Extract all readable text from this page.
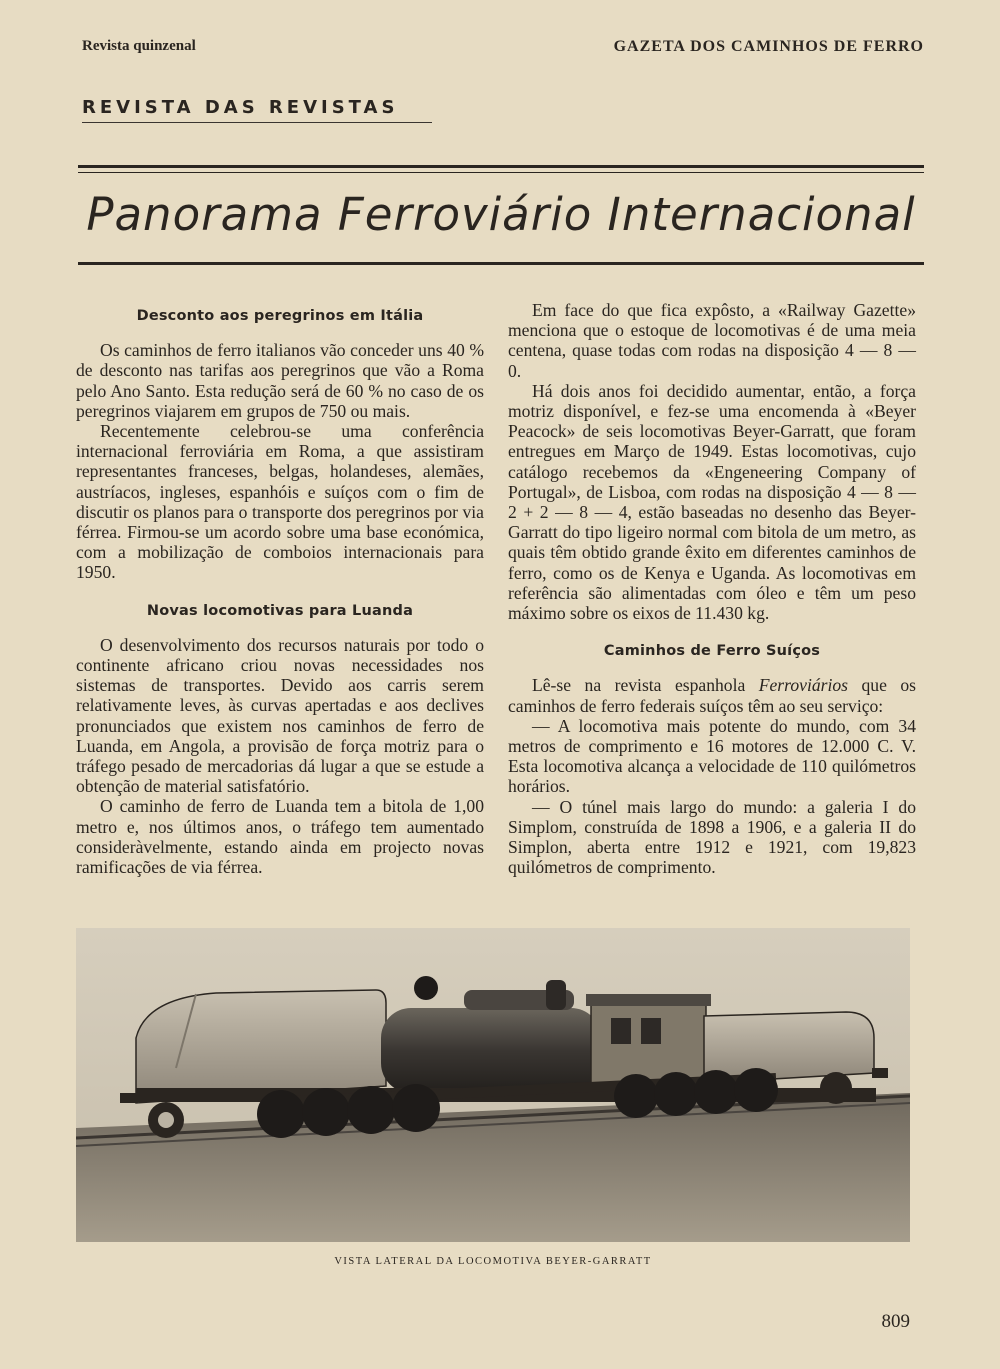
Revista quinzenal	GAZETA DOS CAMINHOS DE FERRO
REVISTA DAS REVISTAS
Panorama Ferroviário Internacional
Desconto aos peregrinos em Itália

Os caminhos de ferro italianos vão conceder uns 40 % de desconto nas tarifas aos peregrinos que vão a Roma pelo Ano Santo. Esta redução será de 60 % no caso de os peregrinos viajarem em grupos de 750 ou mais.

Recentemente celebrou-se uma conferência internacional ferroviária em Roma, a que assistiram representantes franceses, belgas, holandeses, alemães, austríacos, ingleses, espanhóis e suíços com o fim de discutir os planos para o transporte dos peregrinos por via férrea. Firmou-se um acordo sobre uma base económica, com a mobilização de comboios internacionais para 1950.

Novas locomotivas para Luanda

O desenvolvimento dos recursos naturais por todo o continente africano criou novas necessidades nos sistemas de transportes. Devido aos carris serem relativamente leves, às curvas apertadas e aos declives pronunciados que existem nos caminhos de ferro de Luanda, em Angola, a provisão de força motriz para o tráfego pesado de mercadorias dá lugar a que se estude a obtenção de material satisfatório.

O caminho de ferro de Luanda tem a bitola de 1,00 metro e, nos últimos anos, o tráfego tem aumentado consideràvelmente, estando ainda em projecto novas ramificações de via férrea.

Em face do que fica expôsto, a «Railway Gazette» menciona que o estoque de locomotivas é de uma meia centena, quase todas com rodas na disposição 4 — 8 — 0.

Há dois anos foi decidido aumentar, então, a força motriz disponível, e fez-se uma encomenda à «Beyer Peacock» de seis locomotivas Beyer-Garratt, que foram entregues em Março de 1949. Estas locomotivas, cujo catálogo recebemos da «Engeneering Company of Portugal», de Lisboa, com rodas na disposição 4 — 8 — 2 + 2 — 8 — 4, estão baseadas no desenho das Beyer-Garratt do tipo ligeiro normal com bitola de um metro, as quais têm obtido grande êxito em diferentes caminhos de ferro, como os de Kenya e Uganda. As locomotivas em referência são alimentadas com óleo e têm um peso máximo sobre os eixos de 11.430 kg.

Caminhos de Ferro Suíços

Lê-se na revista espanhola Ferroviários que os caminhos de ferro federais suíços têm ao seu serviço:

— A locomotiva mais potente do mundo, com 34 metros de comprimento e 16 motores de 12.000 C. V. Esta locomotiva alcança a velocidade de 110 quilómetros horários.

— O túnel mais largo do mundo: a galeria I do Simplom, construída de 1898 a 1906, e a galeria II do Simplon, aberta entre 1912 e 1921, com 19,823 quilómetros de comprimento.

VISTA LATERAL DA LOCOMOTIVA BEYER-GARRATT
809
